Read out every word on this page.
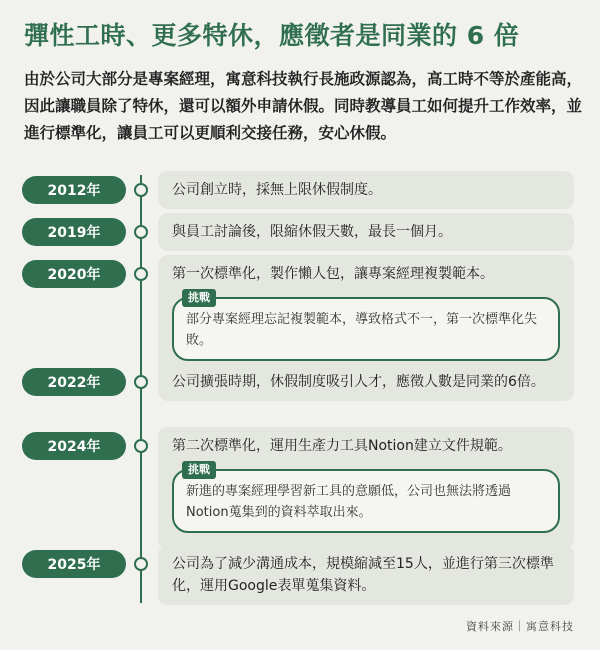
彈性工時、更多特休，應徵者是同業的 6 倍
由於公司大部分是專案經理，寓意科技執行長施政源認為，高工時不等於產能高，因此讓職員除了特休，還可以額外申請休假。同時教導員工如何提升工作效率，並進行標準化，讓員工可以更順利交接任務，安心休假。
2012年	公司創立時，採無上限休假制度。
2019年	與員工討論後，限縮休假天數，最長一個月。
2020年	第一次標準化，製作懶人包，讓專案經理複製範本。
挑戰
部分專案經理忘記複製範本，導致格式不一，第一次標準化失敗。
2022年	公司擴張時期，休假制度吸引人才，應徵人數是同業的6倍。
2024年	第二次標準化，運用生產力工具Notion建立文件規範。
挑戰
新進的專案經理學習新工具的意願低，公司也無法將透過Notion蒐集到的資料萃取出來。
2025年	公司為了減少溝通成本，規模縮減至15人，並進行第三次標準化，運用Google表單蒐集資料。
資料來源｜寓意科技
